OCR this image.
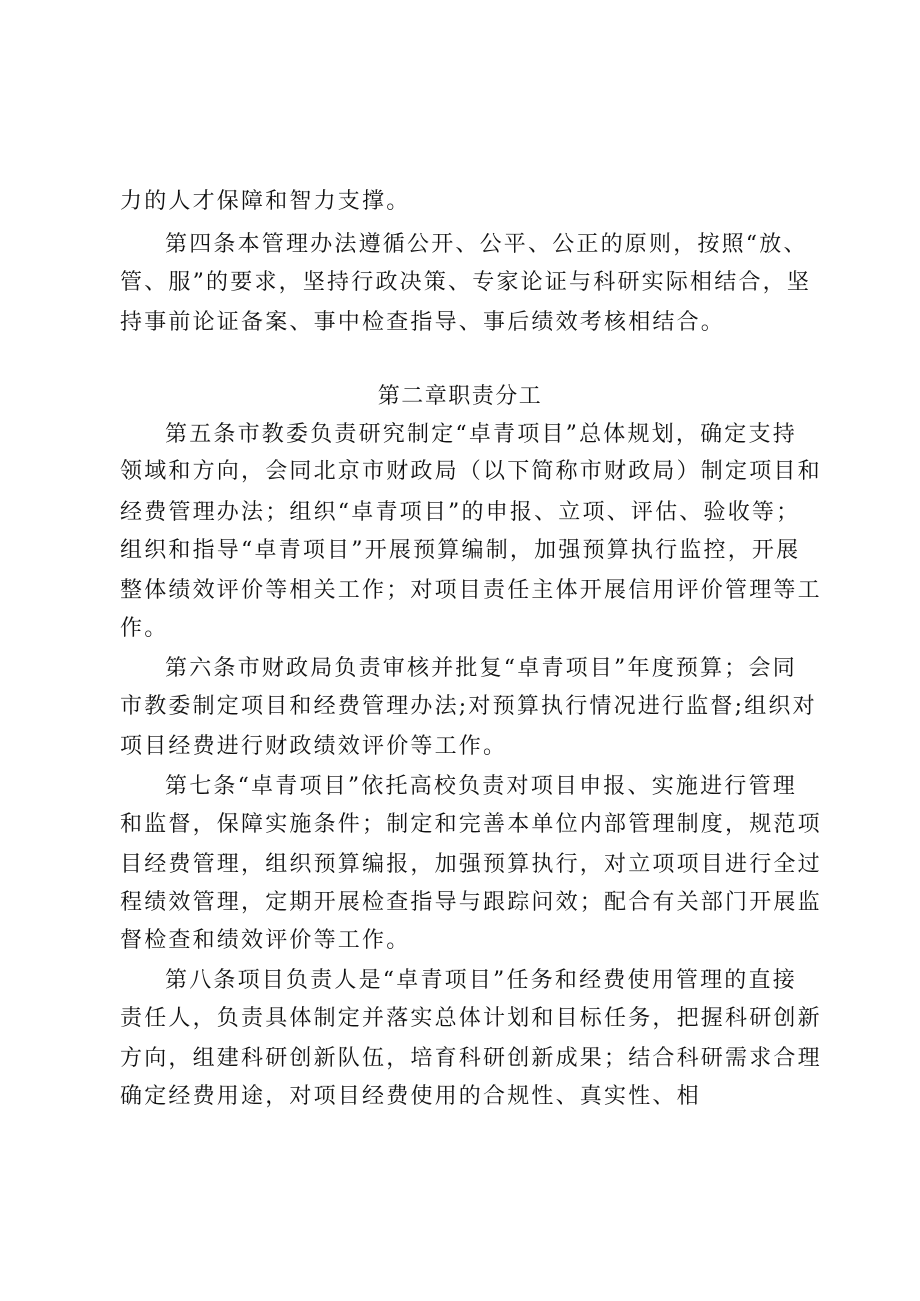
力的人才保障和智力支撑。
第四条本管理办法遵循公开、公平、公正的原则，按照“放、
管、服”的要求，坚持行政决策、专家论证与科研实际相结合，坚
持事前论证备案、事中检查指导、事后绩效考核相结合。
第二章职责分工
第五条市教委负责研究制定“卓青项目”总体规划，确定支持
领域和方向，会同北京市财政局（以下简称市财政局）制定项目和
经费管理办法；组织“卓青项目”的申报、立项、评估、验收等；
组织和指导“卓青项目”开展预算编制，加强预算执行监控，开展
整体绩效评价等相关工作；对项目责任主体开展信用评价管理等工
作。
第六条市财政局负责审核并批复“卓青项目”年度预算；会同
市教委制定项目和经费管理办法;对预算执行情况进行监督;组织对
项目经费进行财政绩效评价等工作。
第七条“卓青项目”依托高校负责对项目申报、实施进行管理
和监督，保障实施条件；制定和完善本单位内部管理制度，规范项
目经费管理，组织预算编报，加强预算执行，对立项项目进行全过
程绩效管理，定期开展检查指导与跟踪问效；配合有关部门开展监
督检查和绩效评价等工作。
第八条项目负责人是“卓青项目”任务和经费使用管理的直接
责任人，负责具体制定并落实总体计划和目标任务，把握科研创新
方向，组建科研创新队伍，培育科研创新成果；结合科研需求合理
确定经费用途，对项目经费使用的合规性、真实性、相
